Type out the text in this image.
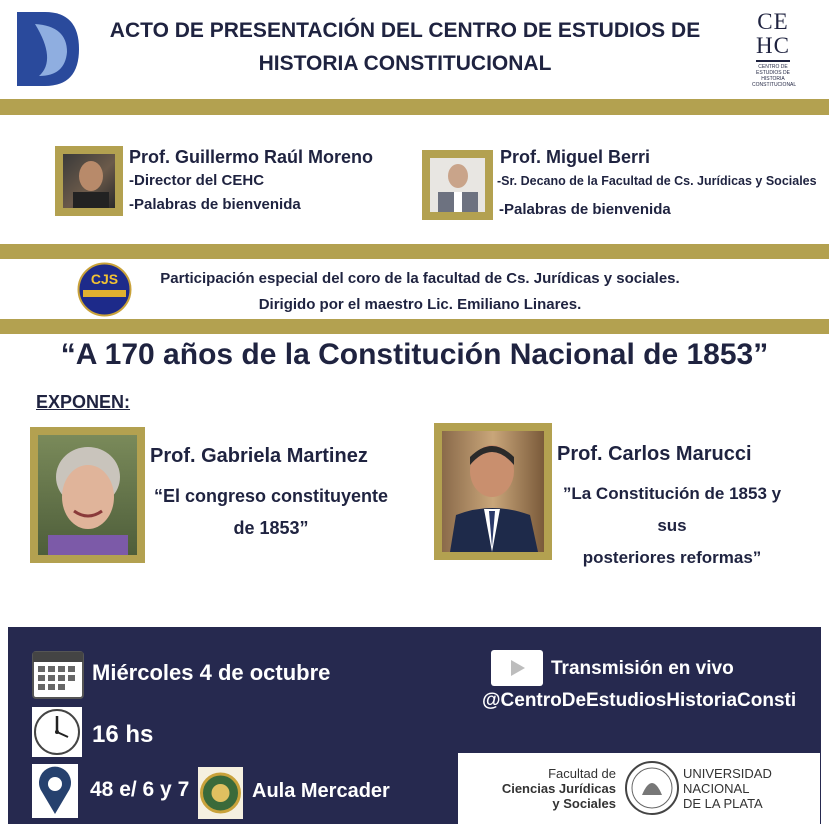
ACTO DE PRESENTACIÓN DEL CENTRO DE ESTUDIOS DE
HISTORIA CONSTITUCIONAL
CE
HC
CENTRO DE ESTUDIOS DE HISTORIA CONSTITUCIONAL
Prof. Guillermo Raúl Moreno
-Director del CEHC
-Palabras de bienvenida
Prof. Miguel Berri
-Sr. Decano de la Facultad de Cs. Jurídicas y Sociales
-Palabras de bienvenida
CJS	Participación especial del coro de la facultad de Cs. Jurídicas y sociales.
Dirigido por el maestro Lic. Emiliano Linares.
“A 170 años de la Constitución Nacional de 1853”
EXPONEN:
Prof. Gabriela Martinez
“El congreso constituyente
de 1853”
Prof. Carlos Marucci
”La Constitución de 1853 y sus
posteriores reformas”
Miércoles 4 de octubre
16 hs
48 e/ 6 y 7	Aula Mercader
Transmisión en vivo
@CentroDeEstudiosHistoriaConsti
Facultad de
Ciencias Jurídicas
y Sociales
UNIVERSIDAD
NACIONAL
DE LA PLATA
